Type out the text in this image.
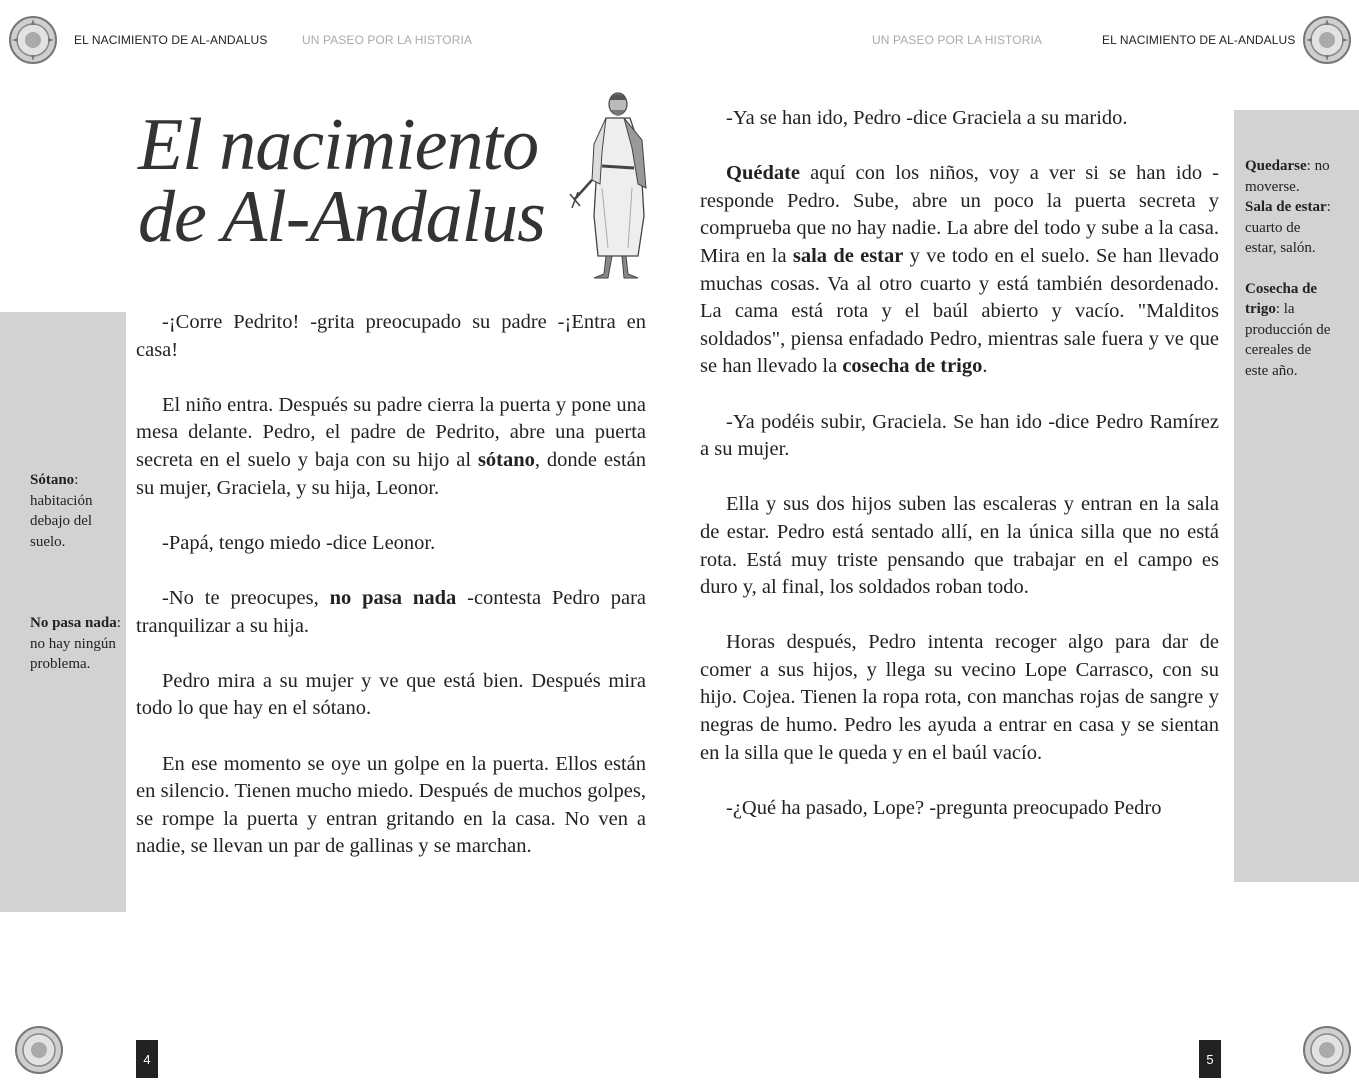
EL NACIMIENTO DE AL-ANDALUS	UN PASEO POR LA HISTORIA	UN PASEO POR LA HISTORIA	EL NACIMIENTO DE AL-ANDALUS
El nacimiento
de Al-Andalus

Sótano: habitación debajo del suelo.

No pasa nada: no hay ningún problema.

Quedarse: no moverse.

Sala de estar: cuarto de estar, salón.

Cosecha de trigo: la producción de cereales de este año.

-¡Corre Pedrito! -grita preocupado su padre -¡Entra en casa!

El niño entra. Después su padre cierra la puerta y pone una mesa delante. Pedro, el padre de Pedrito, abre una puerta secreta en el suelo y baja con su hijo al sótano, donde están su mujer, Graciela, y su hija, Leonor.

-Papá, tengo miedo -dice Leonor.

-No te preocupes, no pasa nada -contesta Pedro para tranquilizar a su hija.

Pedro mira a su mujer y ve que está bien. Después mira todo lo que hay en el sótano.

En ese momento se oye un golpe en la puerta. Ellos están en silencio. Tienen mucho miedo. Después de muchos golpes, se rompe la puerta y entran gritando en la casa. No ven a nadie, se llevan un par de gallinas y se marchan.

-Ya se han ido, Pedro -dice Graciela a su marido.

Quédate aquí con los niños, voy a ver si se han ido -responde Pedro. Sube, abre un poco la puerta secreta y comprueba que no hay nadie. La abre del todo y sube a la casa. Mira en la sala de estar y ve todo en el suelo. Se han llevado muchas cosas. Va al otro cuarto y está también desordenado. La cama está rota y el baúl abierto y vacío. "Malditos soldados", piensa enfadado Pedro, mientras sale fuera y ve que se han llevado la cosecha de trigo.

-Ya podéis subir, Graciela. Se han ido -dice Pedro Ramírez a su mujer.

Ella y sus dos hijos suben las escaleras y entran en la sala de estar. Pedro está sentado allí, en la única silla que no está rota. Está muy triste pensando que trabajar en el campo es duro y, al final, los soldados roban todo.

Horas después, Pedro intenta recoger algo para dar de comer a sus hijos, y llega su vecino Lope Carrasco, con su hijo. Cojea. Tienen la ropa rota, con manchas rojas de sangre y negras de humo. Pedro les ayuda a entrar en casa y se sientan en la silla que le queda y en el baúl vacío.

-¿Qué ha pasado, Lope? -pregunta preocupado Pedro

4	5
